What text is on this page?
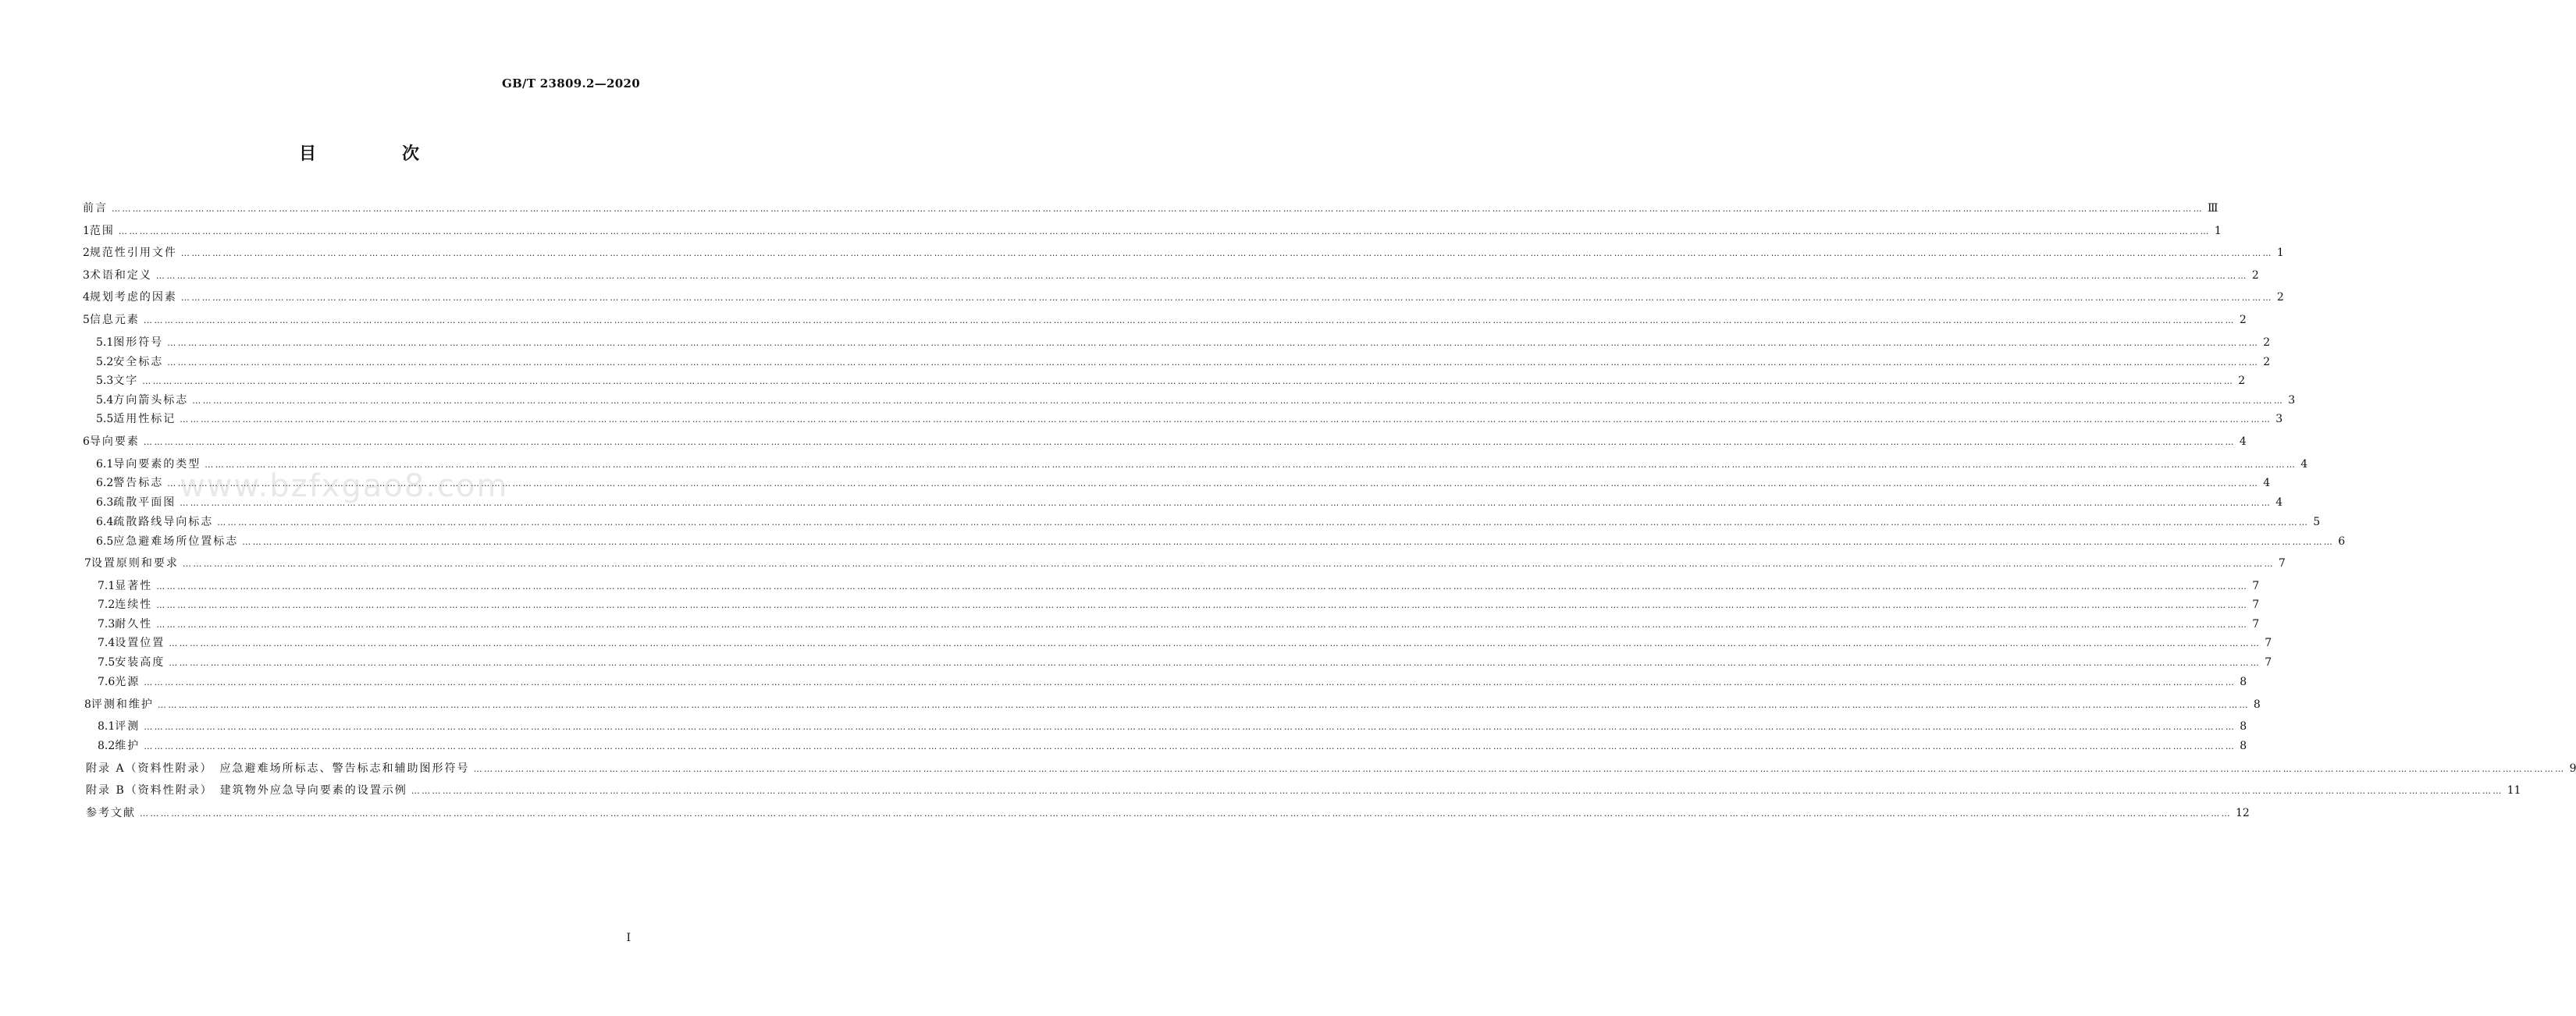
GB/T 23809.2—2020
目　次
前言 …………………………………………………………………………………………………………………………………………………………………………………………………………………………………………………………………………………………………………………………………………………………………………………………………………………………………………………………………………………………………………………………………………………… Ⅲ
1 范围 …………………………………………………………………………………………………………………………………………………………………………………………………………………………………………………………………………………………………………………………………………………………………………………………………………………………………………………………………………………………………………………………………………………… 1
2 规范性引用文件 …………………………………………………………………………………………………………………………………………………………………………………………………………………………………………………………………………………………………………………………………………………………………………………………………………………………………………………………………………………………………………………………………………………… 1
3 术语和定义 …………………………………………………………………………………………………………………………………………………………………………………………………………………………………………………………………………………………………………………………………………………………………………………………………………………………………………………………………………………………………………………………………………………… 2
4 规划考虑的因素 …………………………………………………………………………………………………………………………………………………………………………………………………………………………………………………………………………………………………………………………………………………………………………………………………………………………………………………………………………………………………………………………………………………… 2
5 信息元素 …………………………………………………………………………………………………………………………………………………………………………………………………………………………………………………………………………………………………………………………………………………………………………………………………………………………………………………………………………………………………………………………………………………… 2
5.1 图形符号 …………………………………………………………………………………………………………………………………………………………………………………………………………………………………………………………………………………………………………………………………………………………………………………………………………………………………………………………………………………………………………………………………………………… 2
5.2 安全标志 …………………………………………………………………………………………………………………………………………………………………………………………………………………………………………………………………………………………………………………………………………………………………………………………………………………………………………………………………………………………………………………………………………………… 2
5.3 文字 …………………………………………………………………………………………………………………………………………………………………………………………………………………………………………………………………………………………………………………………………………………………………………………………………………………………………………………………………………………………………………………………………………………… 2
5.4 方向箭头标志 …………………………………………………………………………………………………………………………………………………………………………………………………………………………………………………………………………………………………………………………………………………………………………………………………………………………………………………………………………………………………………………………………………………… 3
5.5 适用性标记 …………………………………………………………………………………………………………………………………………………………………………………………………………………………………………………………………………………………………………………………………………………………………………………………………………………………………………………………………………………………………………………………………………………… 3
6 导向要素 …………………………………………………………………………………………………………………………………………………………………………………………………………………………………………………………………………………………………………………………………………………………………………………………………………………………………………………………………………………………………………………………………………………… 4
6.1 导向要素的类型 …………………………………………………………………………………………………………………………………………………………………………………………………………………………………………………………………………………………………………………………………………………………………………………………………………………………………………………………………………………………………………………………………………………… 4
6.2 警告标志 …………………………………………………………………………………………………………………………………………………………………………………………………………………………………………………………………………………………………………………………………………………………………………………………………………………………………………………………………………………………………………………………………………………… 4
6.3 疏散平面图 …………………………………………………………………………………………………………………………………………………………………………………………………………………………………………………………………………………………………………………………………………………………………………………………………………………………………………………………………………………………………………………………………………………… 4
6.4 疏散路线导向标志 …………………………………………………………………………………………………………………………………………………………………………………………………………………………………………………………………………………………………………………………………………………………………………………………………………………………………………………………………………………………………………………………………………………… 5
6.5 应急避难场所位置标志 …………………………………………………………………………………………………………………………………………………………………………………………………………………………………………………………………………………………………………………………………………………………………………………………………………………………………………………………………………………………………………………………………………………… 6
7 设置原则和要求 …………………………………………………………………………………………………………………………………………………………………………………………………………………………………………………………………………………………………………………………………………………………………………………………………………………………………………………………………………………………………………………………………………………… 7
7.1 显著性 …………………………………………………………………………………………………………………………………………………………………………………………………………………………………………………………………………………………………………………………………………………………………………………………………………………………………………………………………………………………………………………………………………………… 7
7.2 连续性 …………………………………………………………………………………………………………………………………………………………………………………………………………………………………………………………………………………………………………………………………………………………………………………………………………………………………………………………………………………………………………………………………………………… 7
7.3 耐久性 …………………………………………………………………………………………………………………………………………………………………………………………………………………………………………………………………………………………………………………………………………………………………………………………………………………………………………………………………………………………………………………………………………………… 7
7.4 设置位置 …………………………………………………………………………………………………………………………………………………………………………………………………………………………………………………………………………………………………………………………………………………………………………………………………………………………………………………………………………………………………………………………………………………… 7
7.5 安装高度 …………………………………………………………………………………………………………………………………………………………………………………………………………………………………………………………………………………………………………………………………………………………………………………………………………………………………………………………………………………………………………………………………………………… 7
7.6 光源 …………………………………………………………………………………………………………………………………………………………………………………………………………………………………………………………………………………………………………………………………………………………………………………………………………………………………………………………………………………………………………………………………………………… 8
8 评测和维护 …………………………………………………………………………………………………………………………………………………………………………………………………………………………………………………………………………………………………………………………………………………………………………………………………………………………………………………………………………………………………………………………………………………… 8
8.1 评测 …………………………………………………………………………………………………………………………………………………………………………………………………………………………………………………………………………………………………………………………………………………………………………………………………………………………………………………………………………………………………………………………………………………… 8
8.2 维护 …………………………………………………………………………………………………………………………………………………………………………………………………………………………………………………………………………………………………………………………………………………………………………………………………………………………………………………………………………………………………………………………………………………… 8
附录 A（资料性附录）　应急避难场所标志、警告标志和辅助图形符号 …………………………………………………………………………………………………………………………………………………………………………………………………………………………………………………………………………………………………………………………………………………………………………………………………………………………………………………………………………………………………………………………………………………… 9
附录 B（资料性附录）　建筑物外应急导向要素的设置示例 …………………………………………………………………………………………………………………………………………………………………………………………………………………………………………………………………………………………………………………………………………………………………………………………………………………………………………………………………………………………………………………………………………………… 11
参考文献 …………………………………………………………………………………………………………………………………………………………………………………………………………………………………………………………………………………………………………………………………………………………………………………………………………………………………………………………………………………………………………………………………………………… 12
www.bzfxgao8.com
I
